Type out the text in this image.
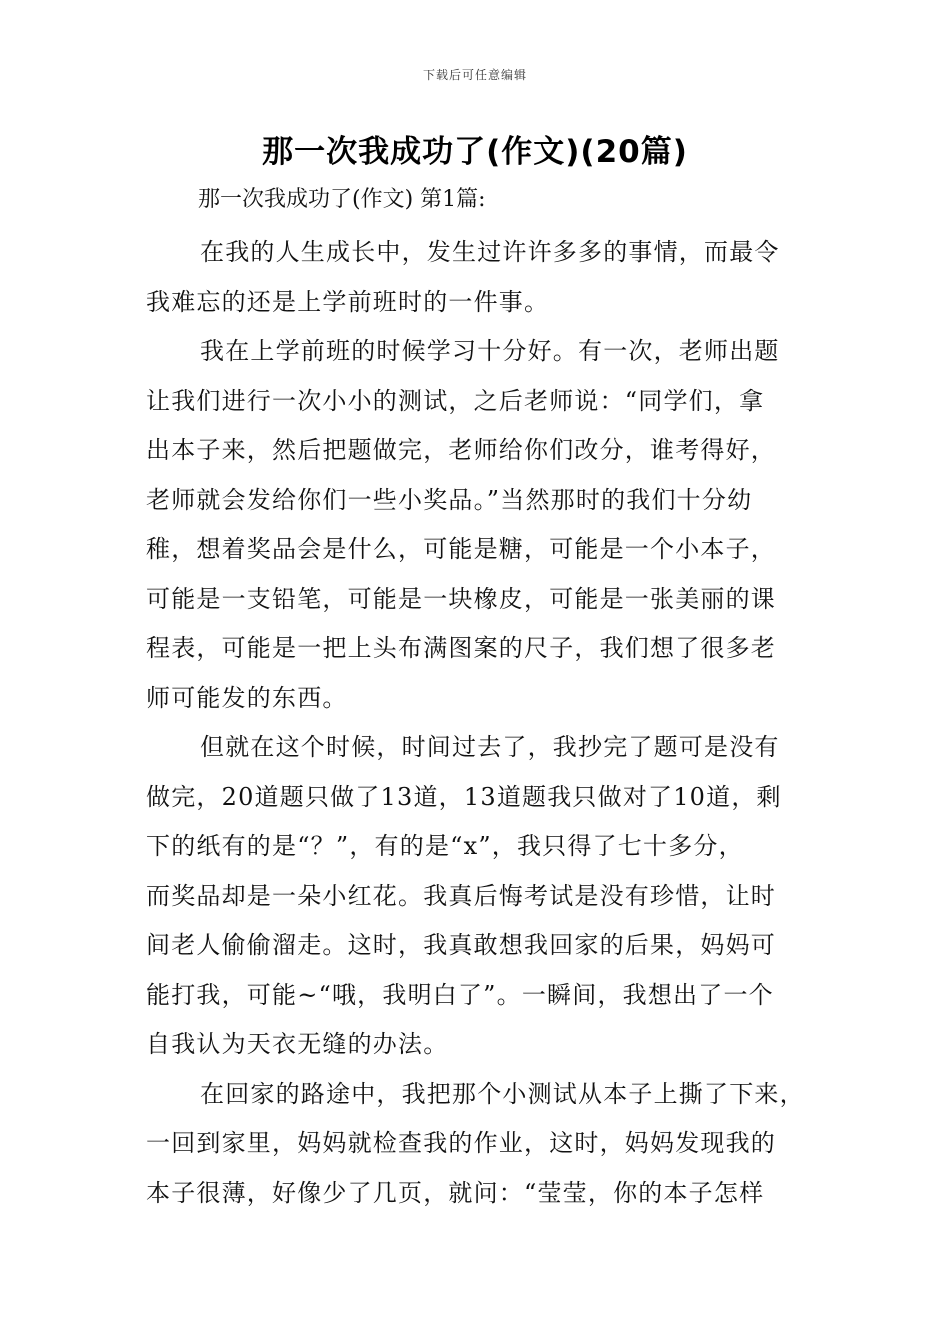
下载后可任意编辑
那一次我成功了(作文)(20篇)
那一次我成功了(作文) 第1篇:
在我的人生成长中，发生过许许多多的事情，而最令
我难忘的还是上学前班时的一件事。
我在上学前班的时候学习十分好。有一次，老师出题
让我们进行一次小小的测试，之后老师说：“同学们，拿
出本子来，然后把题做完，老师给你们改分，谁考得好，
老师就会发给你们一些小奖品。”当然那时的我们十分幼
稚，想着奖品会是什么，可能是糖，可能是一个小本子，
可能是一支铅笔，可能是一块橡皮，可能是一张美丽的课
程表，可能是一把上头布满图案的尺子，我们想了很多老
师可能发的东西。
但就在这个时候，时间过去了，我抄完了题可是没有
做完，20道题只做了13道，13道题我只做对了10道，剩
下的纸有的是“？”，有的是“x”，我只得了七十多分，
而奖品却是一朵小红花。我真后悔考试是没有珍惜，让时
间老人偷偷溜走。这时，我真敢想我回家的后果，妈妈可
能打我，可能~“哦，我明白了”。一瞬间，我想出了一个
自我认为天衣无缝的办法。
在回家的路途中，我把那个小测试从本子上撕了下来，
一回到家里，妈妈就检查我的作业，这时，妈妈发现我的
本子很薄，好像少了几页，就问：“莹莹，你的本子怎样
